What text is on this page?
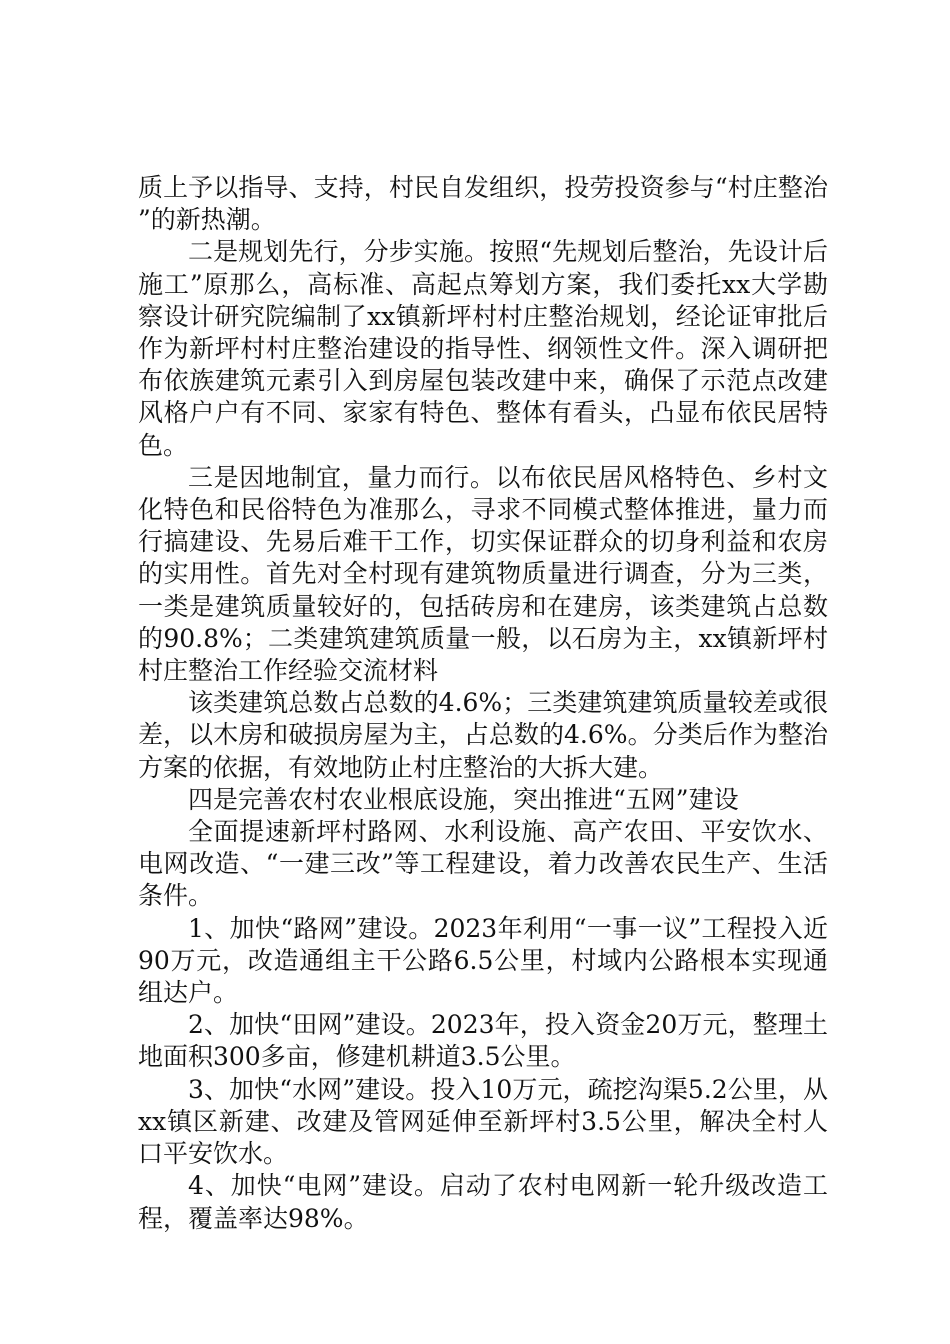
质上予以指导、支持，村民自发组织，投劳投资参与“村庄整治”的新热潮。

二是规划先行，分步实施。按照“先规划后整治，先设计后施工”原那么，高标准、高起点筹划方案，我们委托xx大学勘察设计研究院编制了xx镇新坪村村庄整治规划，经论证审批后作为新坪村村庄整治建设的指导性、纲领性文件。深入调研把布依族建筑元素引入到房屋包装改建中来，确保了示范点改建风格户户有不同、家家有特色、整体有看头，凸显布依民居特色。

三是因地制宜，量力而行。以布依民居风格特色、乡村文化特色和民俗特色为准那么，寻求不同模式整体推进，量力而行搞建设、先易后难干工作，切实保证群众的切身利益和农房的实用性。首先对全村现有建筑物质量进行调查，分为三类，一类是建筑质量较好的，包括砖房和在建房，该类建筑占总数的90.8%；二类建筑建筑质量一般，以石房为主，xx镇新坪村村庄整治工作经验交流材料

该类建筑总数占总数的4.6%；三类建筑建筑质量较差或很差，以木房和破损房屋为主，占总数的4.6%。分类后作为整治方案的依据，有效地防止村庄整治的大拆大建。

四是完善农村农业根底设施，突出推进“五网”建设

全面提速新坪村路网、水利设施、高产农田、平安饮水、电网改造、“一建三改”等工程建设，着力改善农民生产、生活条件。

1、加快“路网”建设。2023年利用“一事一议”工程投入近90万元，改造通组主干公路6.5公里，村域内公路根本实现通组达户。

2、加快“田网”建设。2023年，投入资金20万元，整理土地面积300多亩，修建机耕道3.5公里。

3、加快“水网”建设。投入10万元，疏挖沟渠5.2公里，从xx镇区新建、改建及管网延伸至新坪村3.5公里，解决全村人口平安饮水。

4、加快“电网”建设。启动了农村电网新一轮升级改造工程，覆盖率达98%。
